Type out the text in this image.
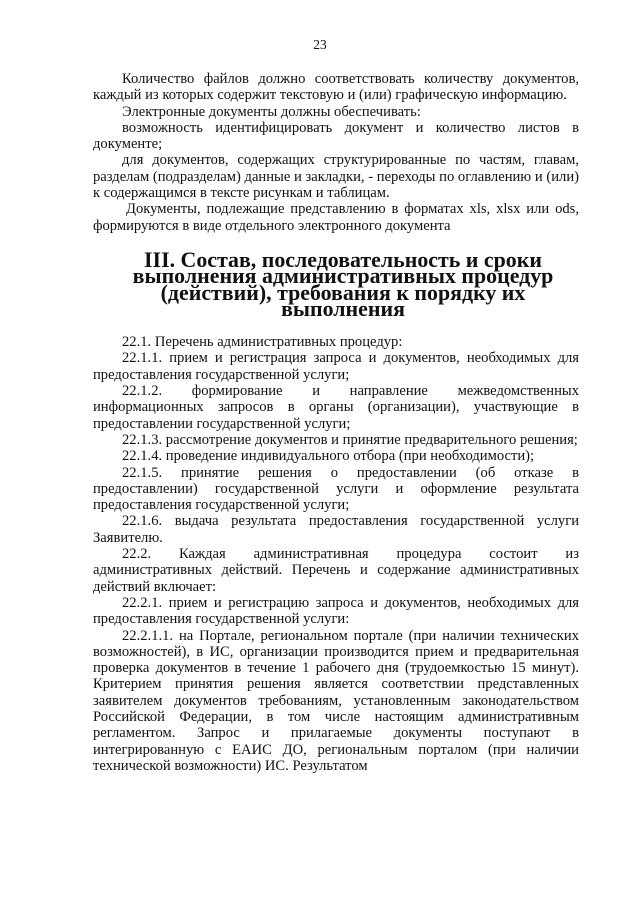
23

Количество файлов должно соответствовать количеству документов, каждый из которых содержит текстовую и (или) графическую информацию.

Электронные документы должны обеспечивать:

возможность идентифицировать документ и количество листов в документе;

для документов, содержащих структурированные по частям, главам, разделам (подразделам) данные и закладки, - переходы по оглавлению и (или) к содержащимся в тексте рисункам и таблицам.

Документы, подлежащие представлению в форматах xls, xlsx или ods, формируются в виде отдельного электронного документа

III. Состав, последовательность и сроки выполнения административных процедур (действий), требования к порядку их выполнения

22.1. Перечень административных процедур:

22.1.1. прием и регистрация запроса и документов, необходимых для предоставления государственной услуги;

22.1.2. формирование и направление межведомственных информационных запросов в органы (организации), участвующие в предоставлении государственной услуги;

22.1.3. рассмотрение документов и принятие предварительного решения;

22.1.4. проведение индивидуального отбора (при необходимости);

22.1.5. принятие решения о предоставлении (об отказе в предоставлении) государственной услуги и оформление результата предоставления государственной услуги;

22.1.6. выдача результата предоставления государственной услуги Заявителю.

22.2. Каждая административная процедура состоит из административных действий. Перечень и содержание административных действий включает:

22.2.1. прием и регистрацию запроса и документов, необходимых для предоставления государственной услуги:

22.2.1.1. на Портале, региональном портале (при наличии технических возможностей), в ИС, организации производится прием и предварительная проверка документов в течение 1 рабочего дня (трудоемкостью 15 минут). Критерием принятия решения является соответствии представленных заявителем документов требованиям, установленным законодательством Российской Федерации, в том числе настоящим административным регламентом. Запрос и прилагаемые документы поступают в интегрированную с ЕАИС ДО, региональным порталом (при наличии технической возможности) ИС. Результатом
